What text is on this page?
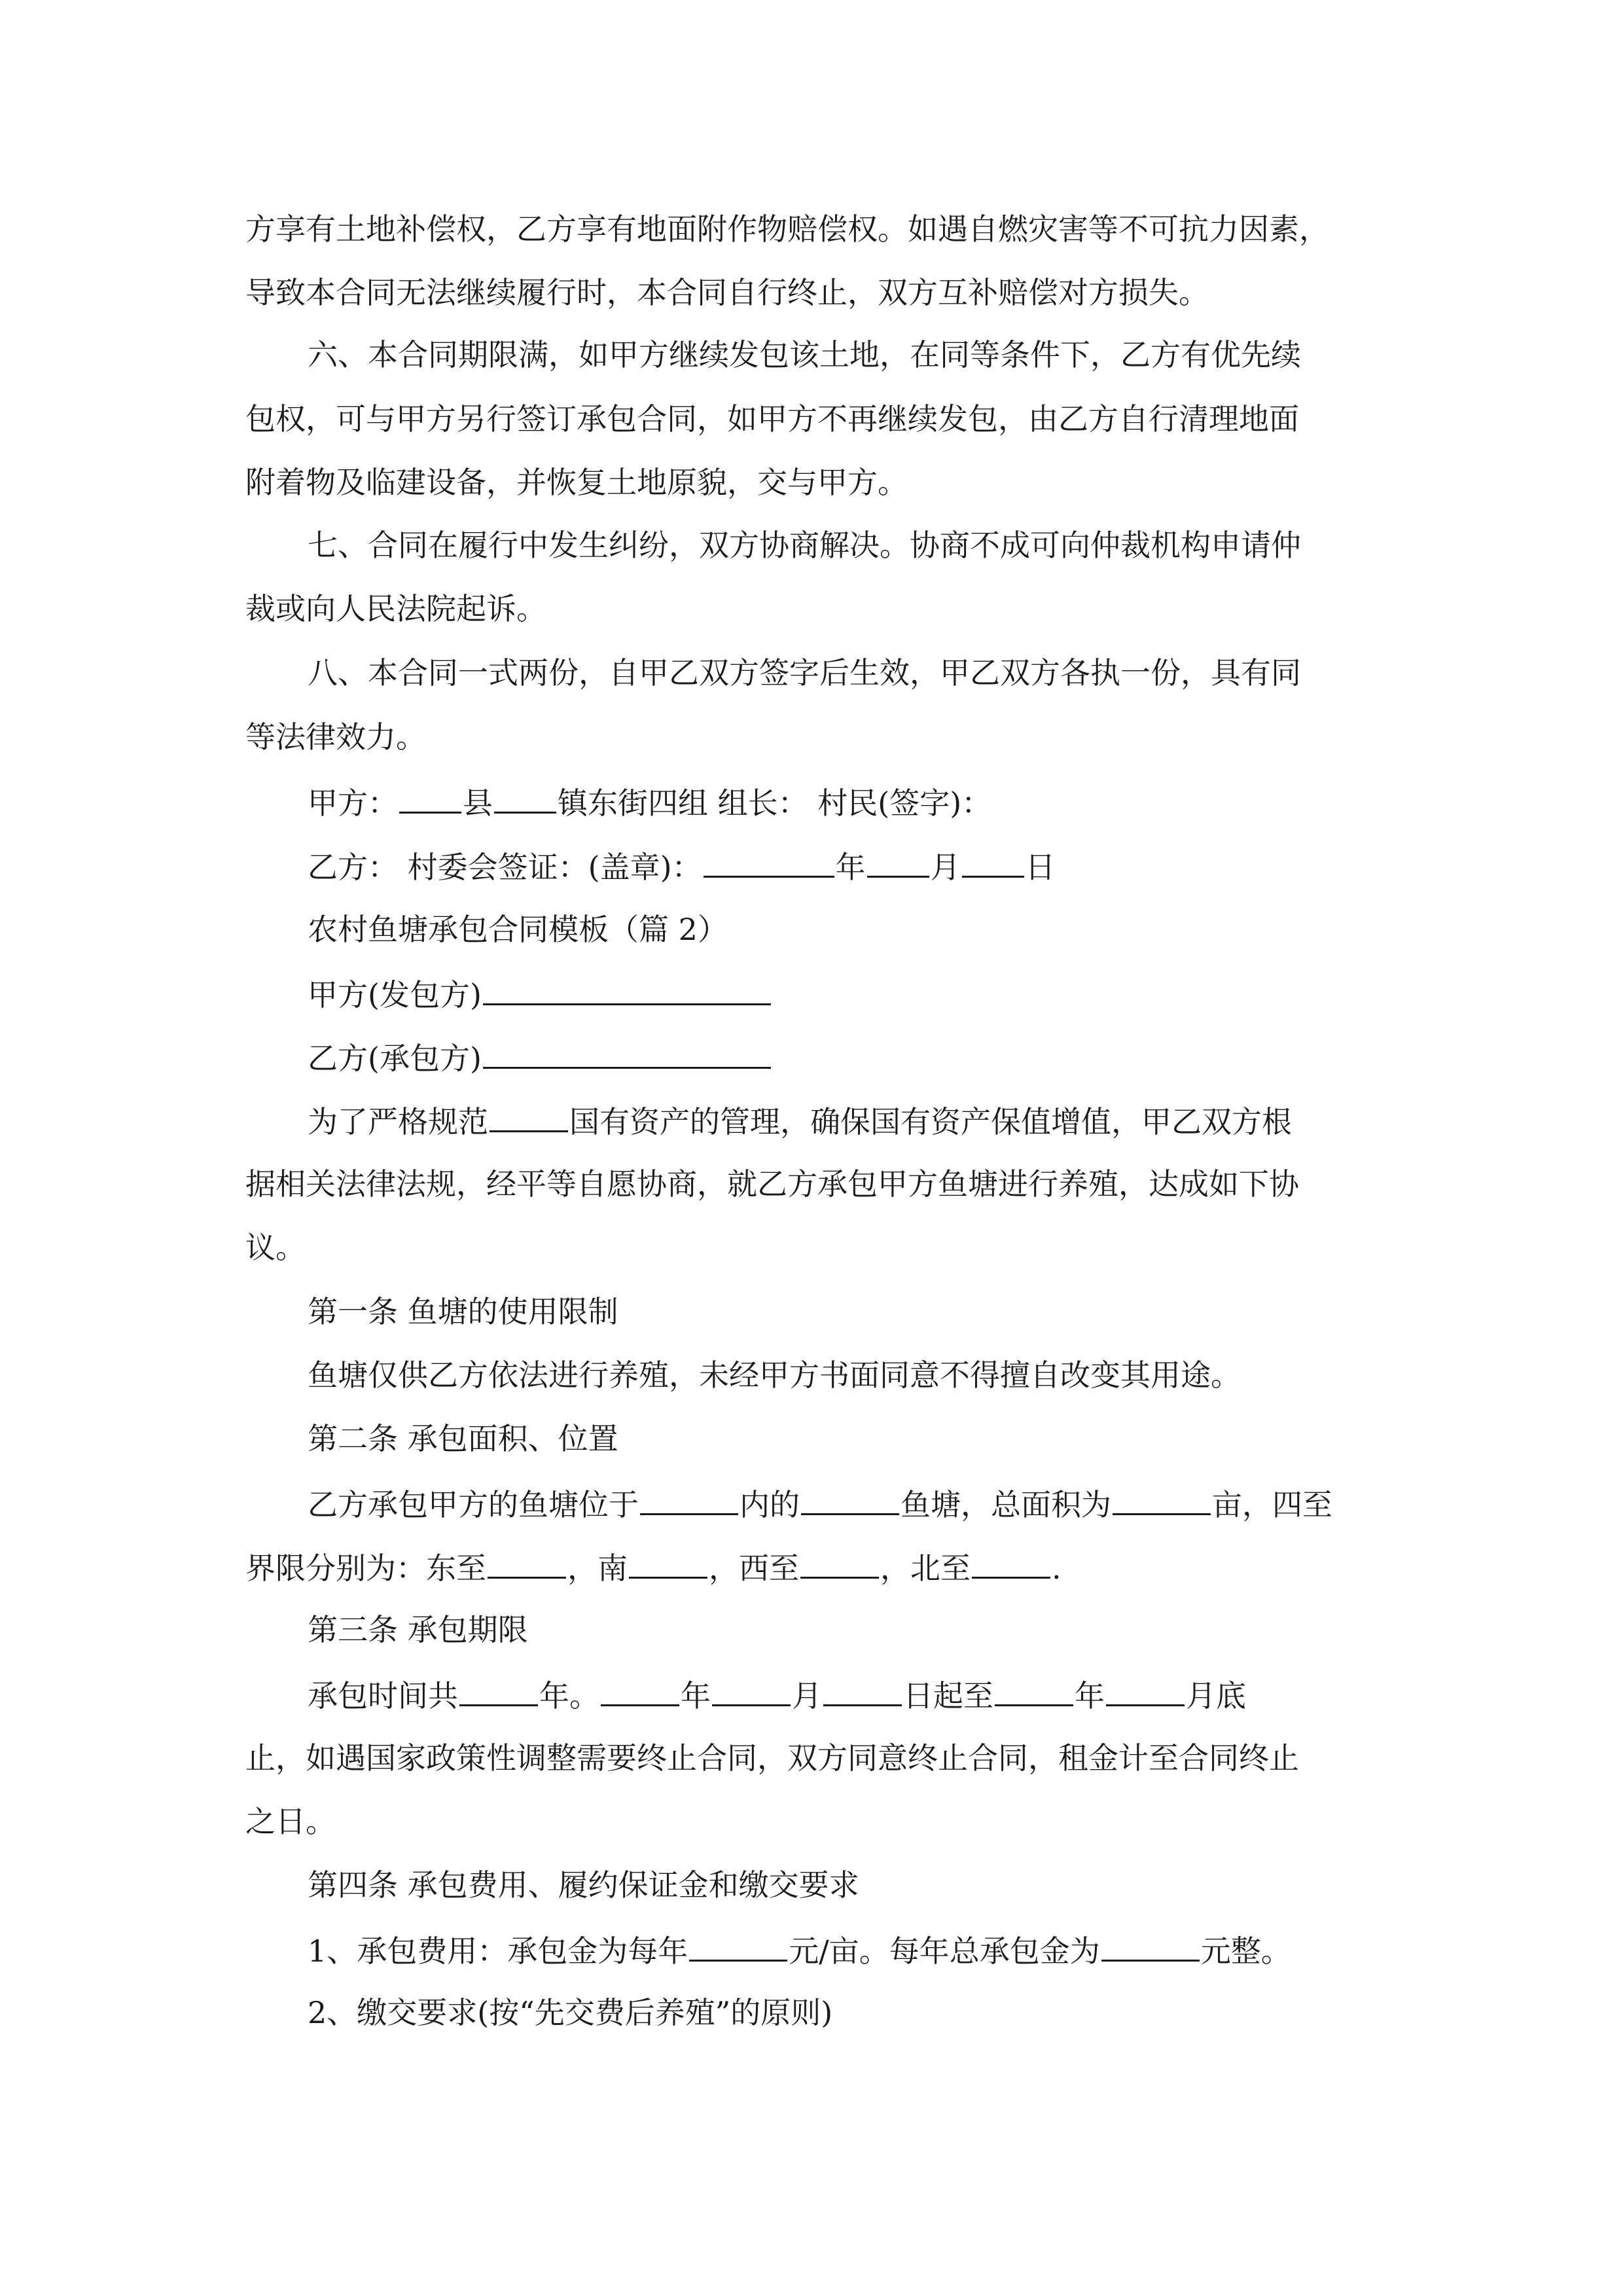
方享有土地补偿权，乙方享有地面附作物赔偿权。如遇自燃灾害等不可抗力因素，
导致本合同无法继续履行时，本合同自行终止，双方互补赔偿对方损失。
六、本合同期限满，如甲方继续发包该土地，在同等条件下，乙方有优先续
包权，可与甲方另行签订承包合同，如甲方不再继续发包，由乙方自行清理地面
附着物及临建设备，并恢复土地原貌，交与甲方。
七、合同在履行中发生纠纷，双方协商解决。协商不成可向仲裁机构申请仲
裁或向人民法院起诉。
八、本合同一式两份，自甲乙双方签字后生效，甲乙双方各执一份，具有同
等法律效力。
甲方： 县 镇东街四组 组长： 村民(签字)：
乙方： 村委会签证：(盖章)：	年 月 日
农村鱼塘承包合同模板（篇 2）
甲方(发包方)
乙方(承包方)
为了严格规范	国有资产的管理，确保国有资产保值增值，甲乙双方根
据相关法律法规，经平等自愿协商，就乙方承包甲方鱼塘进行养殖，达成如下协
议。
第一条 鱼塘的使用限制
鱼塘仅供乙方依法进行养殖，未经甲方书面同意不得擅自改变其用途。
第二条 承包面积、位置
乙方承包甲方的鱼塘位于	内的	鱼塘，总面积为	亩，四至
界限分别为：东至	，南	，西至	，北至	.
第三条 承包期限
承包时间共	年。	年	月	日起至	年	月底
止，如遇国家政策性调整需要终止合同，双方同意终止合同，租金计至合同终止
之日。
第四条 承包费用、履约保证金和缴交要求
1、承包费用：承包金为每年	元/亩。每年总承包金为	元整。
2、缴交要求(按“先交费后养殖”的原则)
